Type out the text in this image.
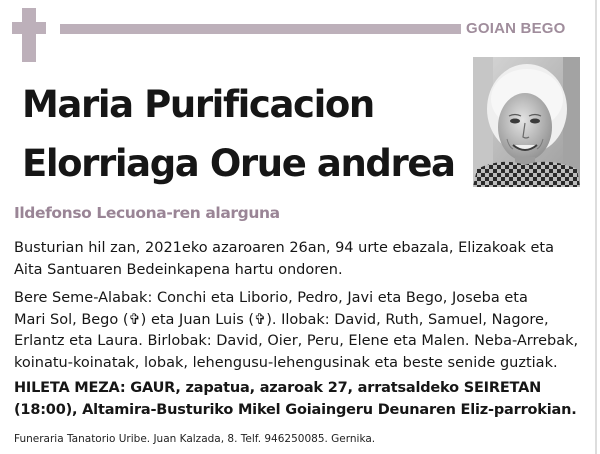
GOIAN BEGO
Maria Purificacion
Elorriaga Orue andrea
Ildefonso Lecuona-ren alarguna
Busturian hil zan, 2021eko azaroaren 26an, 94 urte ebazala, Elizakoak eta
Aita Santuaren Bedeinkapena hartu ondoren.
Bere Seme-Alabak: Conchi eta Liborio, Pedro, Javi eta Bego, Joseba eta
Mari Sol, Bego (✞) eta Juan Luis (✞). Ilobak: David, Ruth, Samuel, Nagore,
Erlantz eta Laura. Birlobak: David, Oier, Peru, Elene eta Malen. Neba-Arrebak,
koinatu-koinatak, lobak, lehengusu-lehengusinak eta beste senide guztiak.
HILETA MEZA: GAUR, zapatua, azaroak 27, arratsaldeko SEIRETAN
(18:00), Altamira-Busturiko Mikel Goiaingeru Deunaren Eliz-parrokian.
Funeraria Tanatorio Uribe. Juan Kalzada, 8. Telf. 946250085. Gernika.
